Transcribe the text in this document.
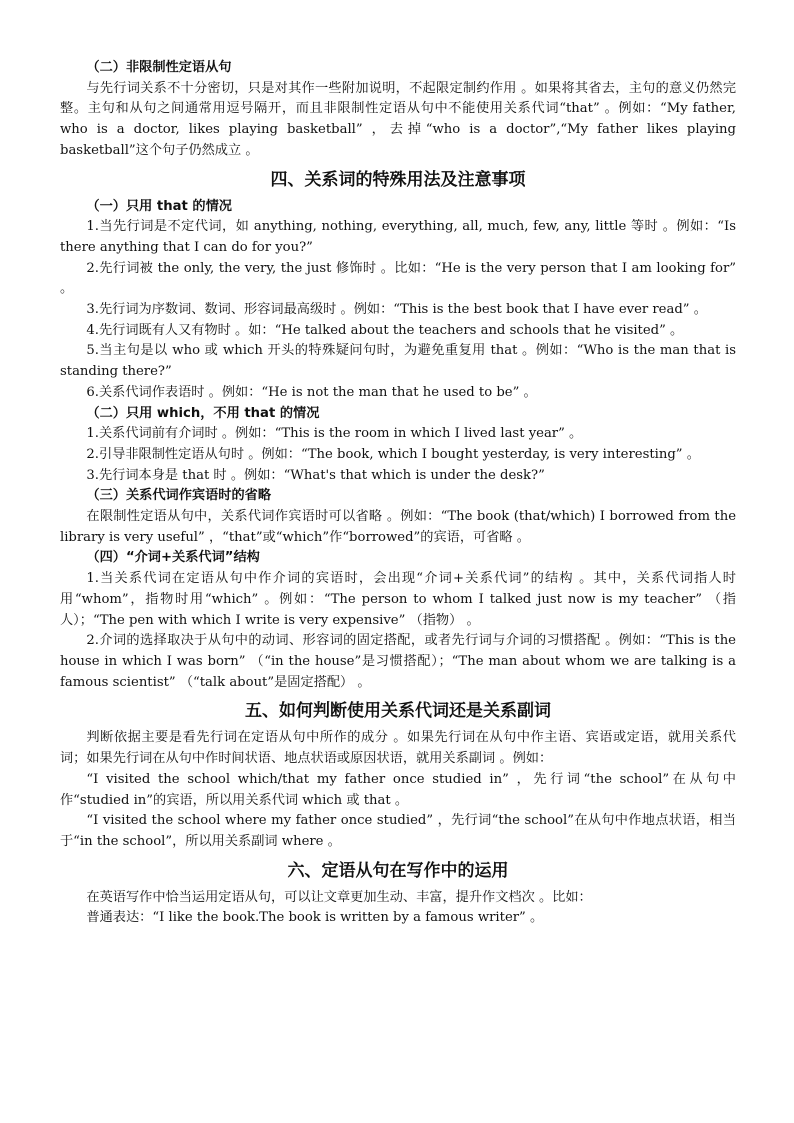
（二）非限制性定语从句

与先行词关系不十分密切，只是对其作一些附加说明，不起限定制约作用 。如果将其省去，主句的意义仍然完整。主句和从句之间通常用逗号隔开，而且非限制性定语从句中不能使用关系代词“that” 。例如：“My father, who is a doctor, likes playing basketball” ，去掉“who is a doctor”,“My father likes playing basketball”这个句子仍然成立 。

四、关系词的特殊用法及注意事项
（一）只用 that 的情况

1.当先行词是不定代词，如 anything, nothing, everything, all, much, few, any, little 等时 。例如：“Is there anything that I can do for you?”

2.先行词被 the only, the very, the just 修饰时 。比如：“He is the very person that I am looking for” 。

3.先行词为序数词、数词、形容词最高级时 。例如：“This is the best book that I have ever read” 。

4.先行词既有人又有物时 。如：“He talked about the teachers and schools that he visited” 。

5.当主句是以 who 或 which 开头的特殊疑问句时，为避免重复用 that 。例如：“Who is the man that is standing there?”

6.关系代词作表语时 。例如：“He is not the man that he used to be” 。

（二）只用 which，不用 that 的情况

1.关系代词前有介词时 。例如：“This is the room in which I lived last year” 。

2.引导非限制性定语从句时 。例如：“The book, which I bought yesterday, is very interesting” 。

3.先行词本身是 that 时 。例如：“What's that which is under the desk?”

（三）关系代词作宾语时的省略

在限制性定语从句中，关系代词作宾语时可以省略 。例如：“The book (that/which) I borrowed from the library is very useful” ，“that”或“which”作“borrowed”的宾语，可省略 。

（四）“介词+关系代词”结构

1.当关系代词在定语从句中作介词的宾语时，会出现“介词+关系代词”的结构 。其中，关系代词指人时用“whom”，指物时用“which” 。例如：“The person to whom I talked just now is my teacher” （指人）；“The pen with which I write is very expensive” （指物） 。

2.介词的选择取决于从句中的动词、形容词的固定搭配，或者先行词与介词的习惯搭配 。例如：“This is the house in which I was born” （“in the house”是习惯搭配）；“The man about whom we are talking is a famous scientist” （“talk about”是固定搭配） 。

五、如何判断使用关系代词还是关系副词

判断依据主要是看先行词在定语从句中所作的成分 。如果先行词在从句中作主语、宾语或定语，就用关系代词；如果先行词在从句中作时间状语、地点状语或原因状语，就用关系副词 。例如：

“I visited the school which/that my father once studied in” ，先行词“the school”在从句中作“studied in”的宾语，所以用关系代词 which 或 that 。

“I visited the school where my father once studied” ，先行词“the school”在从句中作地点状语，相当于“in the school”，所以用关系副词 where 。

六、定语从句在写作中的运用

在英语写作中恰当运用定语从句，可以让文章更加生动、丰富，提升作文档次 。比如：

普通表达：“I like the book.The book is written by a famous writer” 。
